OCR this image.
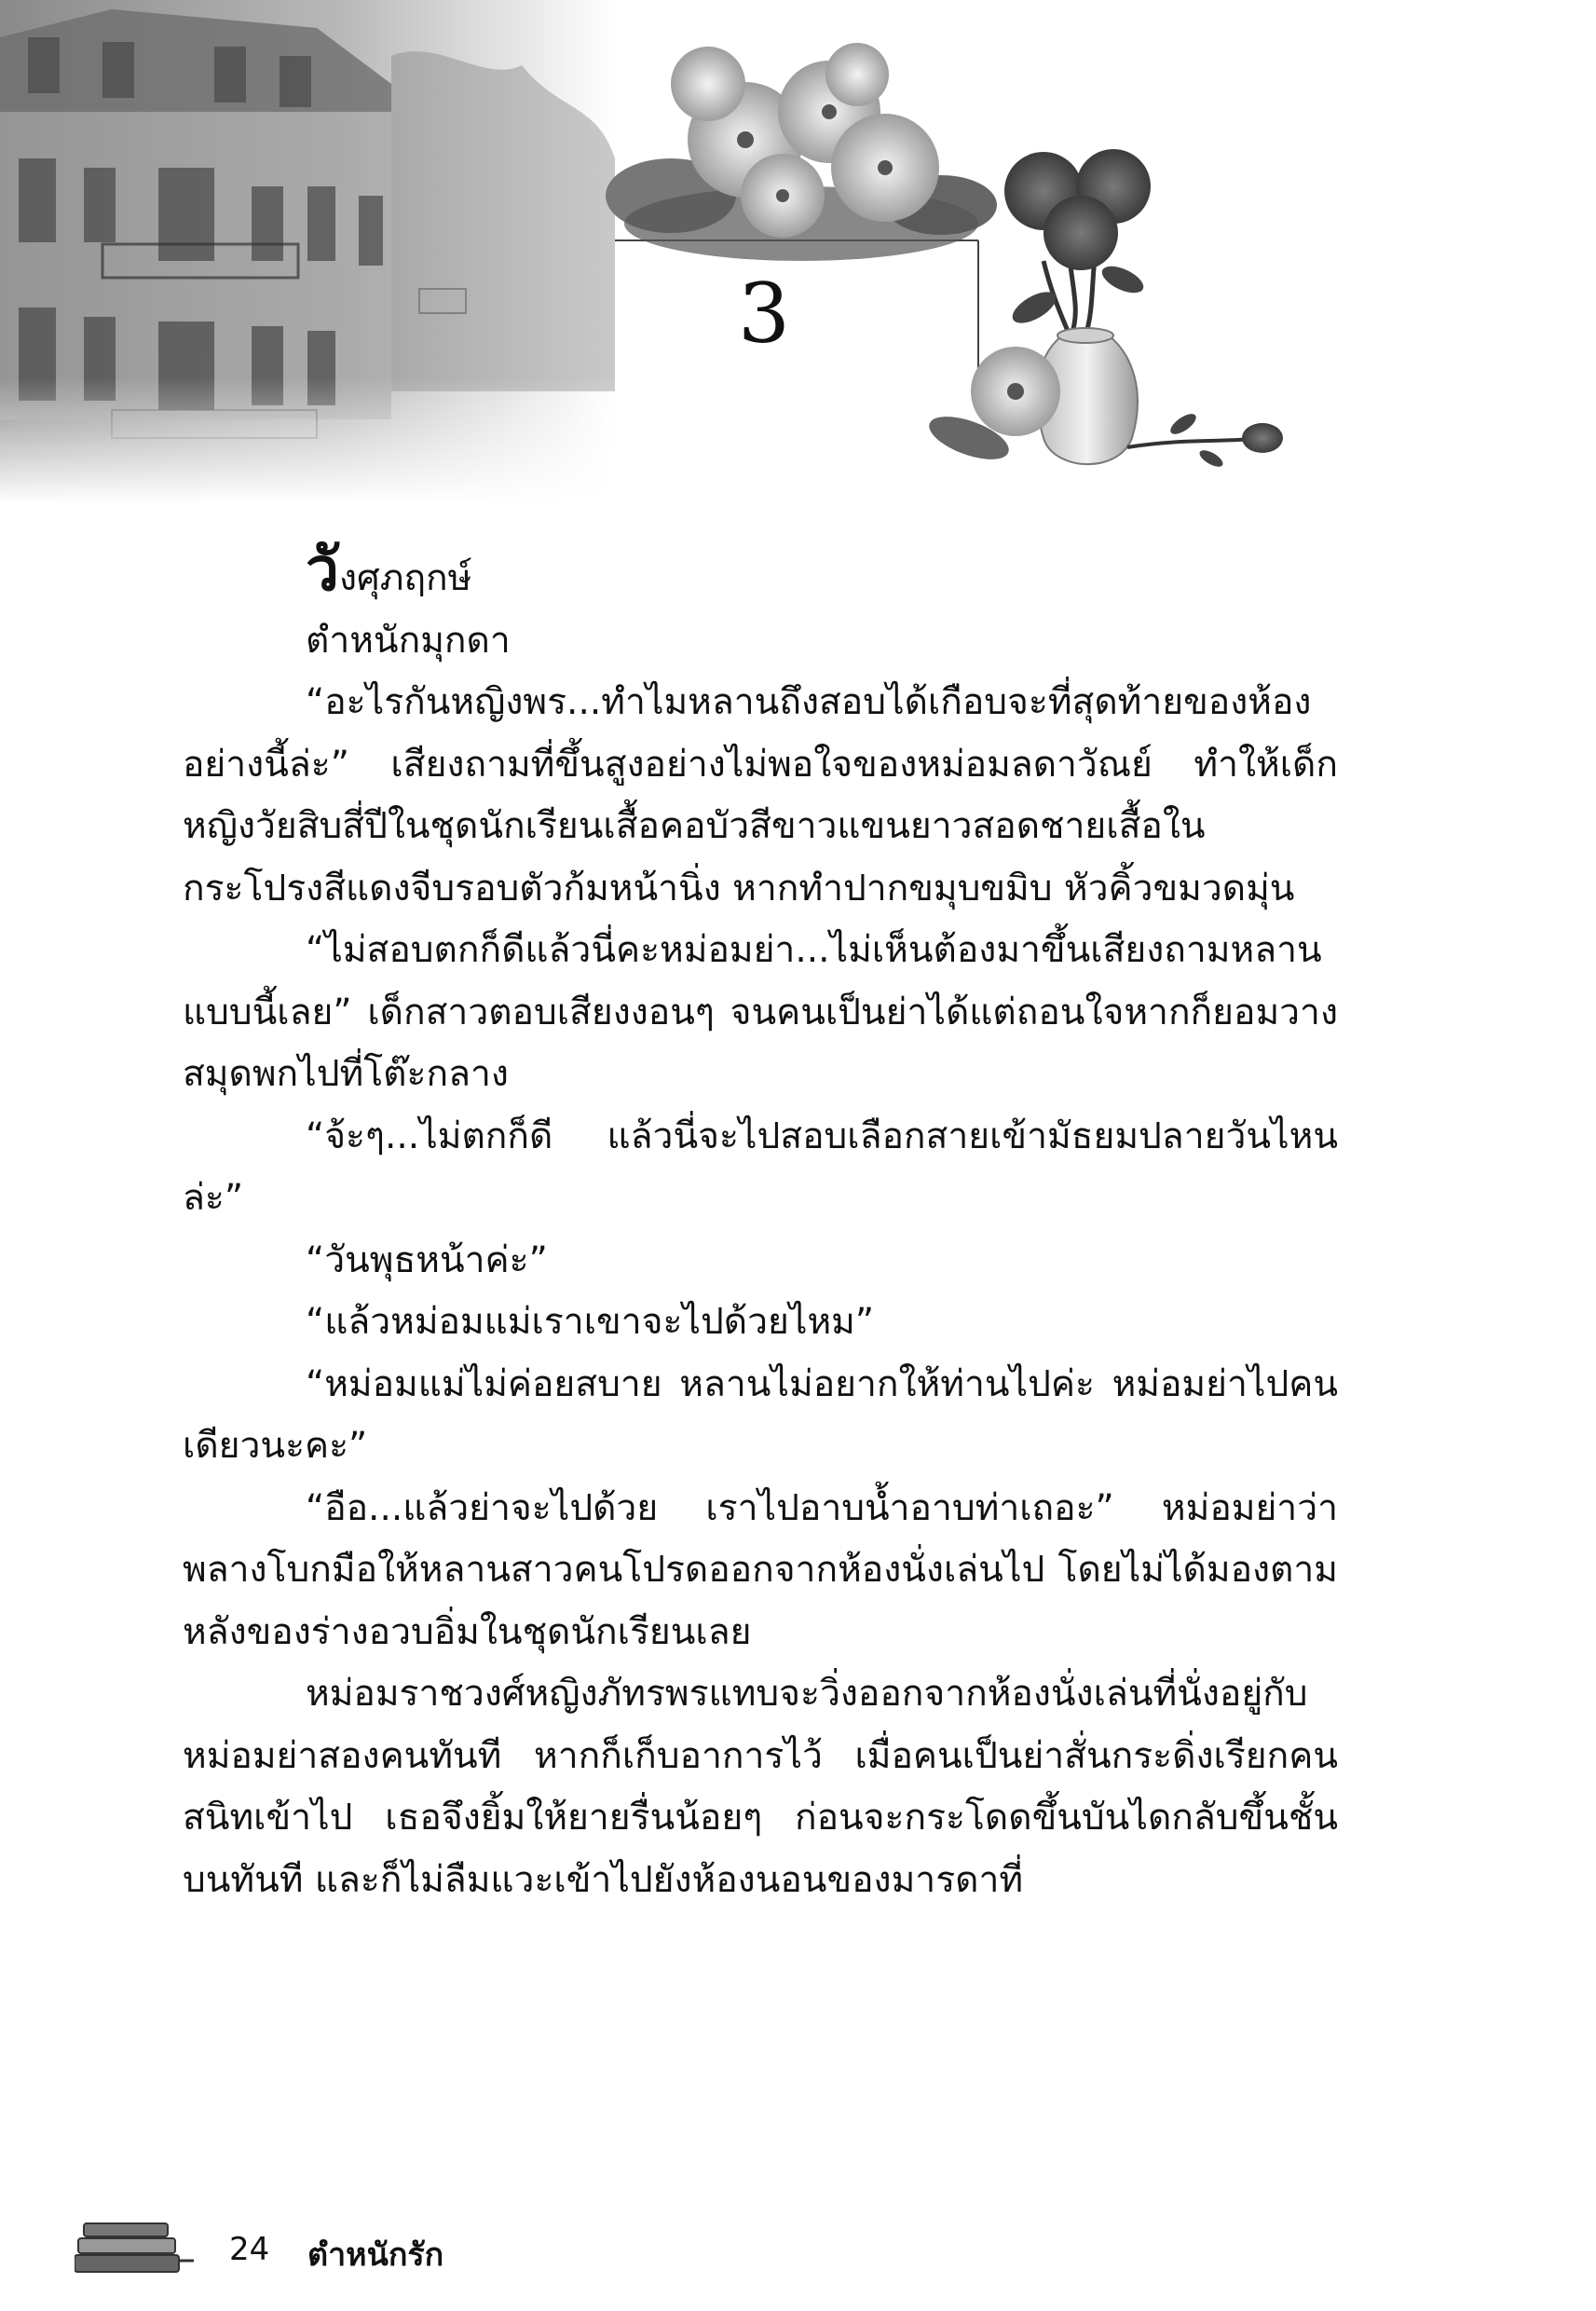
3

วังศุภฤกษ์

ตำหนักมุกดา

“อะไรกันหญิงพร...ทำไมหลานถึงสอบได้เกือบจะที่สุดท้ายของห้องอย่างนี้ล่ะ” เสียงถามที่ขึ้นสูงอย่างไม่พอใจของหม่อมลดาวัณย์ ทำให้เด็กหญิงวัยสิบสี่ปีในชุดนักเรียนเสื้อคอบัวสีขาวแขนยาวสอดชายเสื้อในกระโปรงสีแดงจีบรอบตัวก้มหน้านิ่ง หากทำปากขมุบขมิบ หัวคิ้วขมวดมุ่น

“ไม่สอบตกก็ดีแล้วนี่คะหม่อมย่า...ไม่เห็นต้องมาขึ้นเสียงถามหลานแบบนี้เลย” เด็กสาวตอบเสียงงอนๆ จนคนเป็นย่าได้แต่ถอนใจหากก็ยอมวางสมุดพกไปที่โต๊ะกลาง

“จ้ะๆ...ไม่ตกก็ดี แล้วนี่จะไปสอบเลือกสายเข้ามัธยมปลายวันไหนล่ะ”

“วันพุธหน้าค่ะ”

“แล้วหม่อมแม่เราเขาจะไปด้วยไหม”

“หม่อมแม่ไม่ค่อยสบาย หลานไม่อยากให้ท่านไปค่ะ หม่อมย่าไปคนเดียวนะคะ”

“อือ...แล้วย่าจะไปด้วย เราไปอาบน้ำอาบท่าเถอะ” หม่อมย่าว่าพลางโบกมือให้หลานสาวคนโปรดออกจากห้องนั่งเล่นไป โดยไม่ได้มองตามหลังของร่างอวบอิ่มในชุดนักเรียนเลย

หม่อมราชวงศ์หญิงภัทรพรแทบจะวิ่งออกจากห้องนั่งเล่นที่นั่งอยู่กับหม่อมย่าสองคนทันที หากก็เก็บอาการไว้ เมื่อคนเป็นย่าสั่นกระดิ่งเรียกคนสนิทเข้าไป เธอจึงยิ้มให้ยายรื่นน้อยๆ ก่อนจะกระโดดขึ้นบันไดกลับขึ้นชั้นบนทันที และก็ไม่ลืมแวะเข้าไปยังห้องนอนของมารดาที่

24 ตำหนักรัก
